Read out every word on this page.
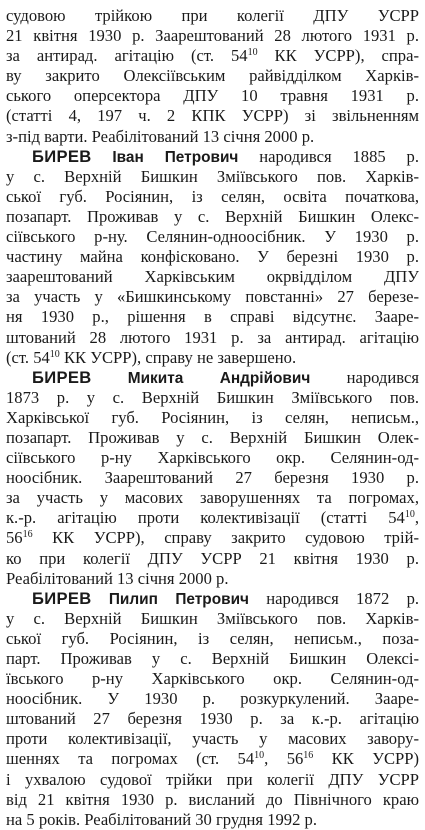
судовою трійкою при колегії ДПУ УСРР
21 квітня 1930 р. Заарештований 28 лютого 1931 р.
за антирад. агітацію (ст. $54^{10}$ КК УСРР), спра-
ву закрито Олексіївським райвідділком Харків-
ського оперсектора ДПУ 10 травня 1931 р.
(статті 4, 197 ч. 2 КПК УСРР) зі звільненням
з-під варти. Реабілітований 13 січня 2000 р.
БИРЕВ Іван Петрович народився 1885 р.
у с. Верхній Бишкин Зміївського пов. Харків-
ської губ. Росіянин, із селян, освіта початкова,
позапарт. Проживав у с. Верхній Бишкин Олекс-
сіївського р-ну. Селянин-одноосібник. У 1930 р.
частину майна конфісковано. У березні 1930 р.
заарештований Харківським окрвідділом ДПУ
за участь у «Бишкинському повстанні» 27 березе-
ня 1930 р., рішення в справі відсутнє. Зааре-
штований 28 лютого 1931 р. за антирад. агітацію
(ст. $54^{10}$ КК УСРР), справу не завершено.
БИРЕВ Микита Андрійович народився
1873 р. у с. Верхній Бишкин Зміївського пов.
Харківської губ. Росіянин, із селян, неписьм.,
позапарт. Проживав у с. Верхній Бишкин Олек-
сіївського р-ну Харківського окр. Селянин-од-
ноосібник. Заарештований 27 березня 1930 р.
за участь у масових заворушеннях та погромах,
к.-р. агітацію проти колективізації (статті $54^{10}$,
$56^{16}$ КК УСРР), справу закрито судовою трій-
ко при колегії ДПУ УСРР 21 квітня 1930 р.
Реабілітований 13 січня 2000 р.
БИРЕВ Пилип Петрович народився 1872 р.
у с. Верхній Бишкин Зміївського пов. Харків-
ської губ. Росіянин, із селян, неписьм., поза-
парт. Проживав у с. Верхній Бишкин Олексі-
ївського р-ну Харківського окр. Селянин-од-
ноосібник. У 1930 р. розкуркулений. Зааре-
штований 27 березня 1930 р. за к.-р. агітацію
проти колективізації, участь у масових завору-
шеннях та погромах (ст. $54^{10}$, $56^{16}$ КК УСРР)
і ухвалою судової трійки при колегії ДПУ УСРР
від 21 квітня 1930 р. висланий до Північного краю
на 5 років. Реабілітований 30 грудня 1992 р.
